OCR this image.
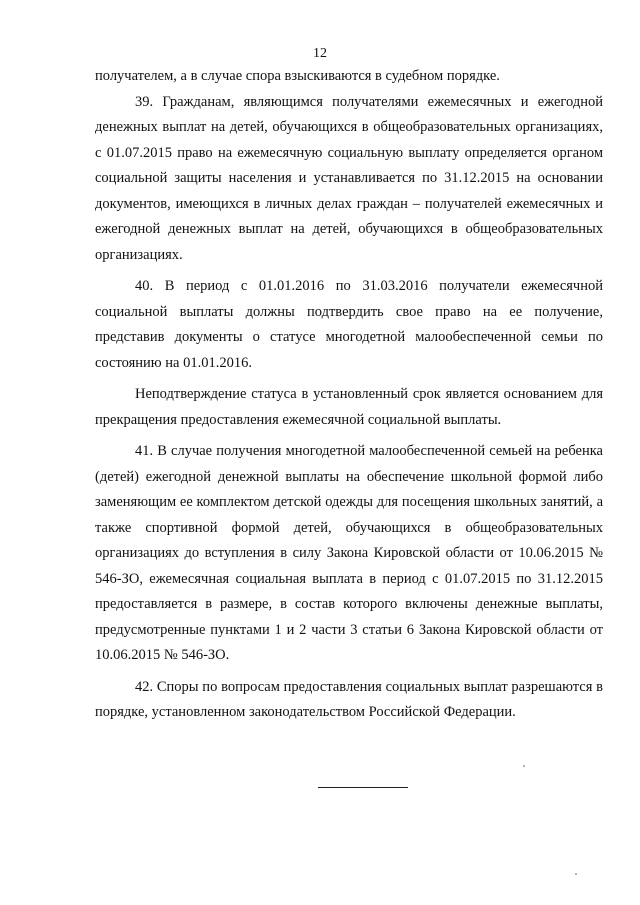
12

получателем, а в случае спора взыскиваются в судебном порядке.

39. Гражданам, являющимся получателями ежемесячных и ежегодной денежных выплат на детей, обучающихся в общеобразовательных организациях, с 01.07.2015 право на ежемесячную социальную выплату определяется органом социальной защиты населения и устанавливается по 31.12.2015 на основании документов, имеющихся в личных делах граждан – получателей ежемесячных и ежегодной денежных выплат на детей, обучающихся в общеобразовательных организациях.

40. В период с 01.01.2016 по 31.03.2016 получатели ежемесячной социальной выплаты должны подтвердить свое право на ее получение, представив документы о статусе многодетной малообеспеченной семьи по состоянию на 01.01.2016.

Неподтверждение статуса в установленный срок является основанием для прекращения предоставления ежемесячной социальной выплаты.

41. В случае получения многодетной малообеспеченной семьей на ребенка (детей) ежегодной денежной выплаты на обеспечение школьной формой либо заменяющим ее комплектом детской одежды для посещения школьных занятий, а также спортивной формой детей, обучающихся в общеобразовательных организациях до вступления в силу Закона Кировской области от 10.06.2015 № 546-ЗО, ежемесячная социальная выплата в период с 01.07.2015 по 31.12.2015 предоставляется в размере, в состав которого включены денежные выплаты, предусмотренные пунктами 1 и 2 части 3 статьи 6 Закона Кировской области от 10.06.2015 № 546-ЗО.

42. Споры по вопросам предоставления социальных выплат разрешаются в порядке, установленном законодательством Российской Федерации.
